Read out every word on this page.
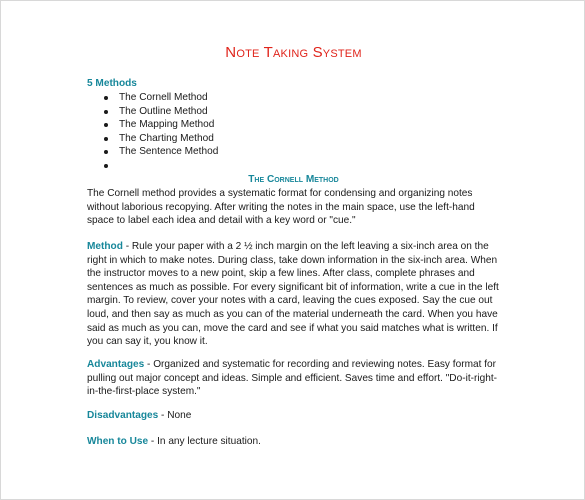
Note Taking System
5 Methods
The Cornell Method
The Outline Method
The Mapping Method
The Charting Method
The Sentence Method
The Cornell Method

The Cornell method provides a systematic format for condensing and organizing notes without laborious recopying. After writing the notes in the main space, use the left-hand space to label each idea and detail with a key word or "cue."

Method - Rule your paper with a 2 ½ inch margin on the left leaving a six-inch area on the right in which to make notes. During class, take down information in the six-inch area. When the instructor moves to a new point, skip a few lines. After class, complete phrases and sentences as much as possible. For every significant bit of information, write a cue in the left margin. To review, cover your notes with a card, leaving the cues exposed. Say the cue out loud, and then say as much as you can of the material underneath the card. When you have said as much as you can, move the card and see if what you said matches what is written. If you can say it, you know it.

Advantages - Organized and systematic for recording and reviewing notes. Easy format for pulling out major concept and ideas. Simple and efficient. Saves time and effort. "Do-it-right-in-the-first-place system."

Disadvantages - None

When to Use - In any lecture situation.
